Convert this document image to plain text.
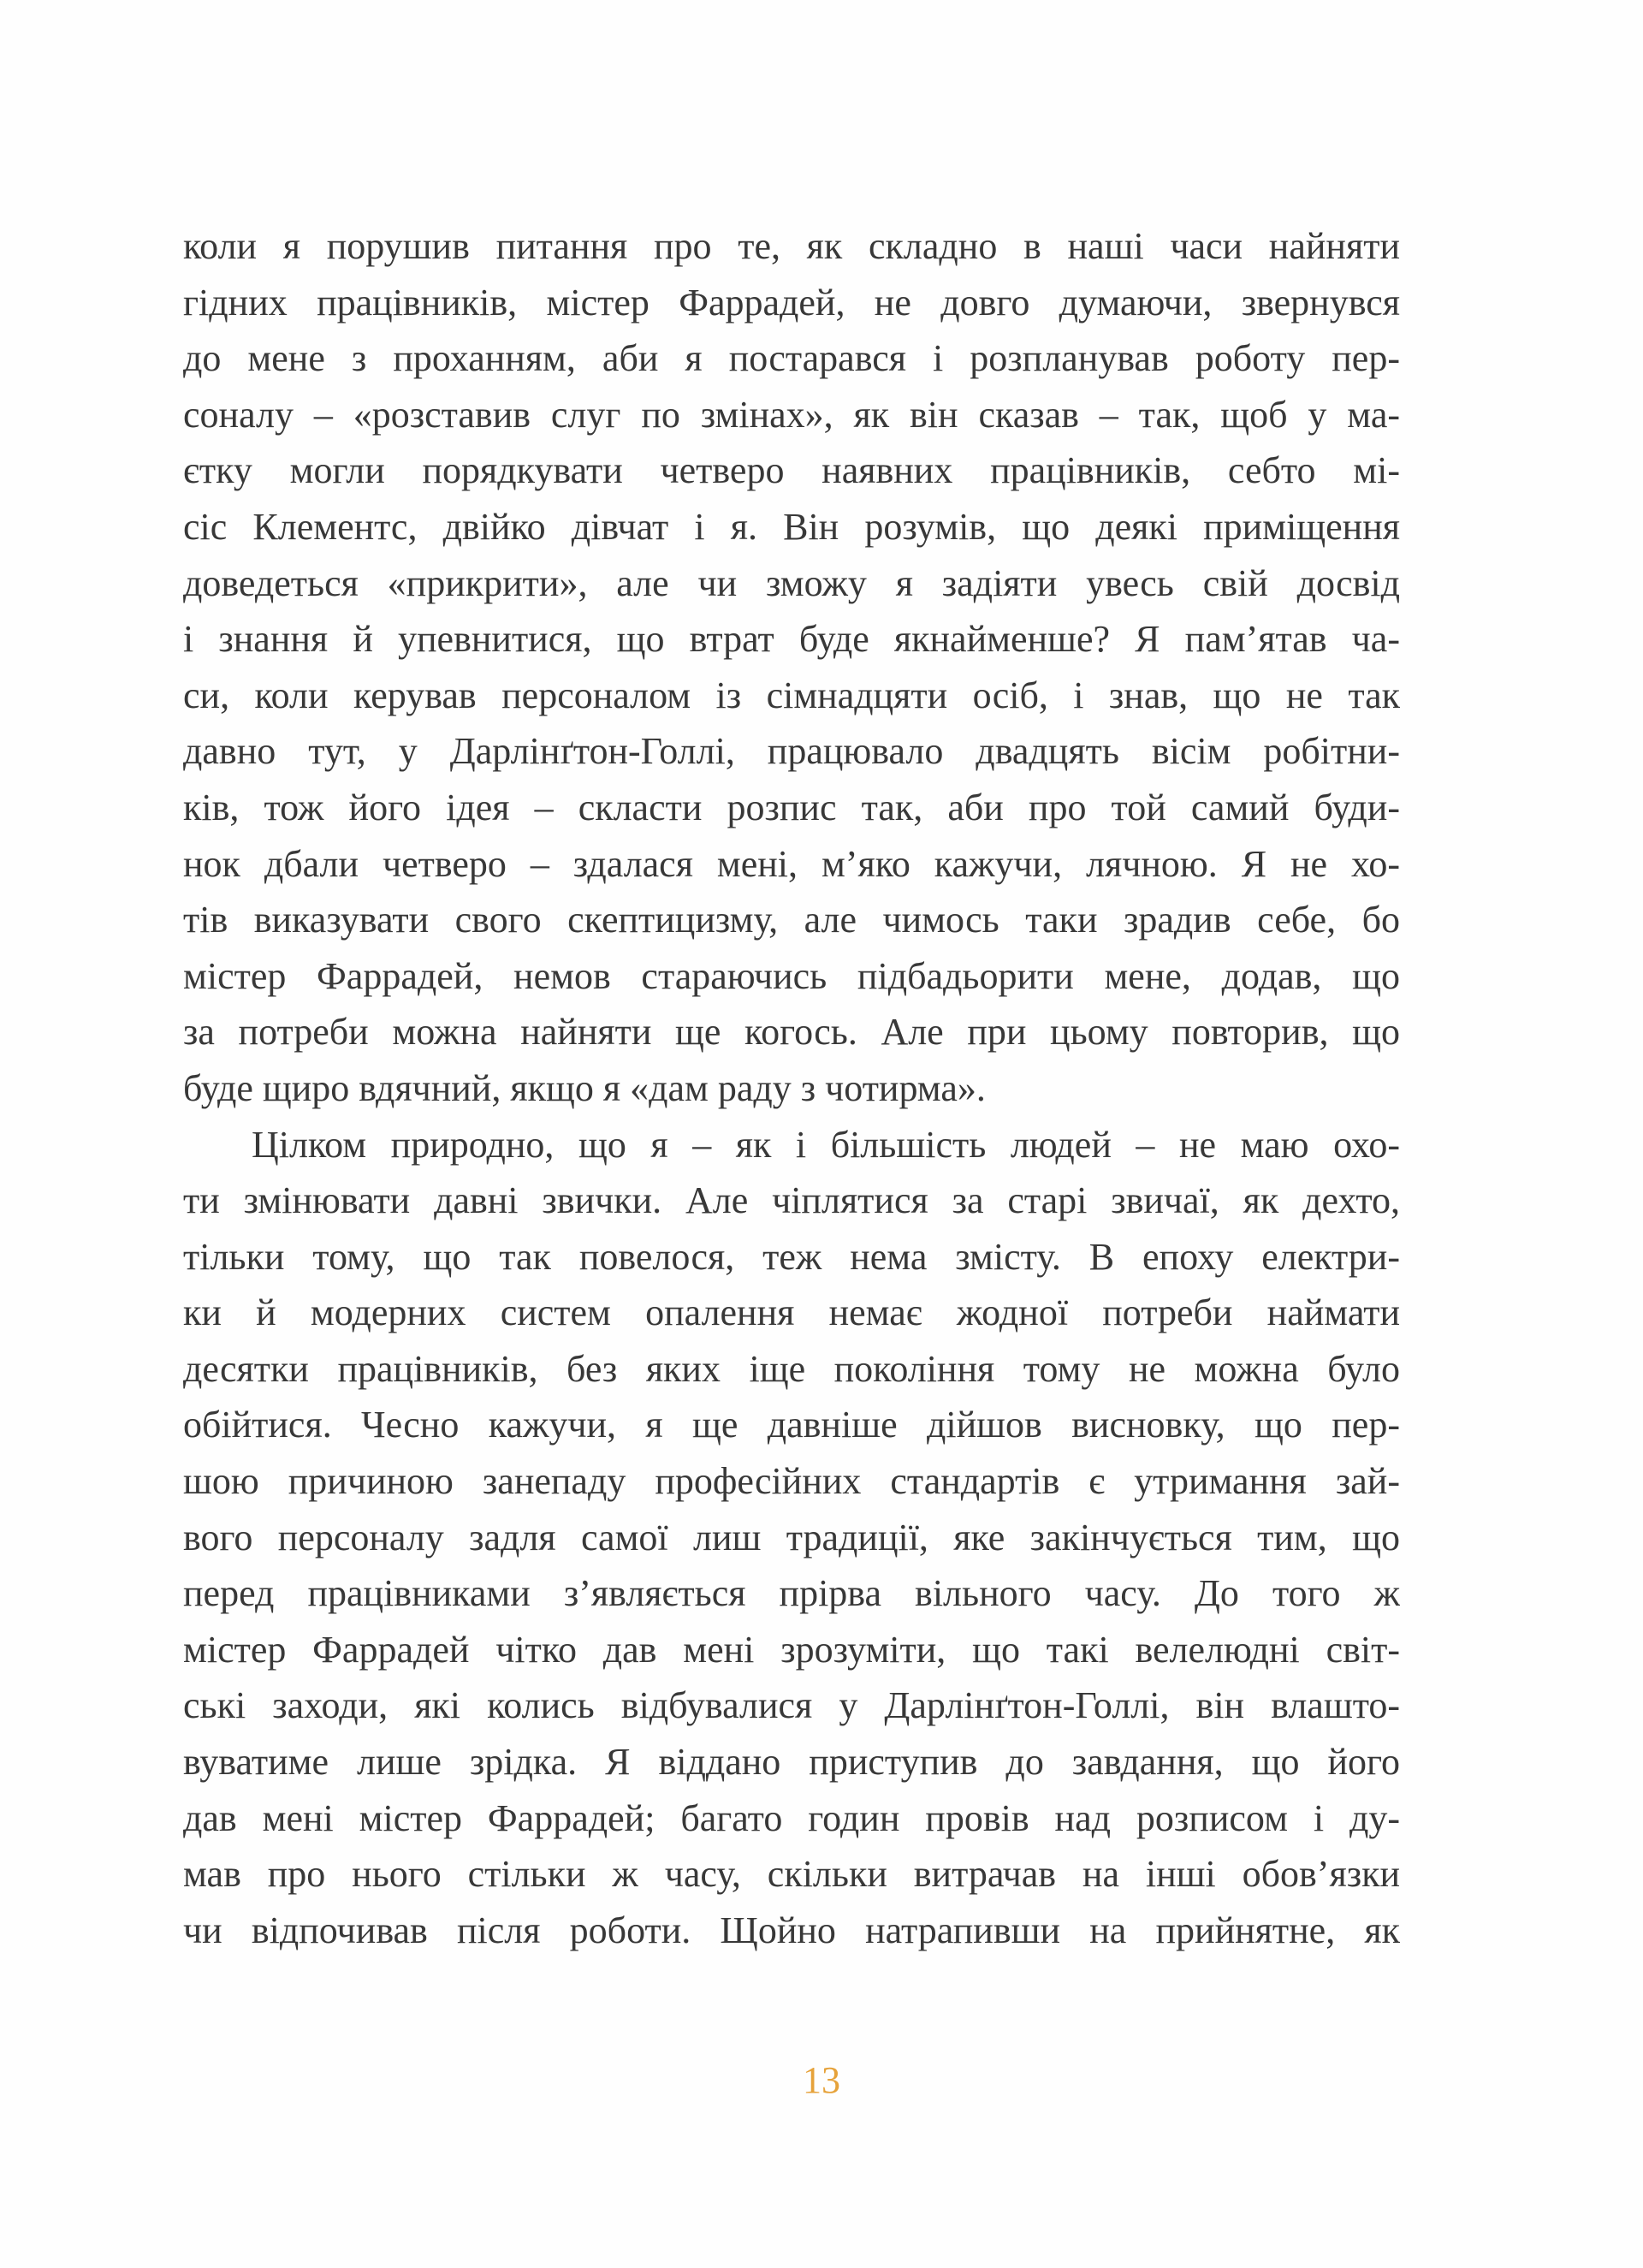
коли я порушив питання про те, як складно в наші часи найняти
гідних працівників, містер Фаррадей, не довго думаючи, звернувся
до мене з проханням, аби я постарався і розпланував роботу пер-
соналу – «розставив слуг по змінах», як він сказав – так, щоб у ма-
єтку могли порядкувати четверо наявних працівників, себто мі-
сіс Клементс, двійко дівчат і я. Він розумів, що деякі приміщення
доведеться «прикрити», але чи зможу я задіяти увесь свій досвід
і знання й упевнитися, що втрат буде якнайменше? Я пам’ятав ча-
си, коли керував персоналом із сімнадцяти осіб, і знав, що не так
давно тут, у Дарлінґтон-Голлі, працювало двадцять вісім робітни-
ків, тож його ідея – скласти розпис так, аби про той самий буди-
нок дбали четверо – здалася мені, м’яко кажучи, лячною. Я не хо-
тів виказувати свого скептицизму, але чимось таки зрадив себе, бо
містер Фаррадей, немов стараючись підбадьорити мене, додав, що
за потреби можна найняти ще когось. Але при цьому повторив, що
буде щиро вдячний, якщо я «дам раду з чотирма».
Цілком природно, що я – як і більшість людей – не маю охо-
ти змінювати давні звички. Але чіплятися за старі звичаї, як дехто,
тільки тому, що так повелося, теж нема змісту. В епоху електри-
ки й модерних систем опалення немає жодної потреби наймати
десятки працівників, без яких іще покоління тому не можна було
обійтися. Чесно кажучи, я ще давніше дійшов висновку, що пер-
шою причиною занепаду професійних стандартів є утримання зай-
вого персоналу задля самої лиш традиції, яке закінчується тим, що
перед працівниками з’являється прірва вільного часу. До того ж
містер Фаррадей чітко дав мені зрозуміти, що такі велелюдні світ-
ські заходи, які колись відбувалися у Дарлінґтон-Голлі, він влашто-
вуватиме лише зрідка. Я віддано приступив до завдання, що його
дав мені містер Фаррадей; багато годин провів над розписом і ду-
мав про нього стільки ж часу, скільки витрачав на інші обов’язки
чи відпочивав після роботи. Щойно натрапивши на прийнятне, як
13
